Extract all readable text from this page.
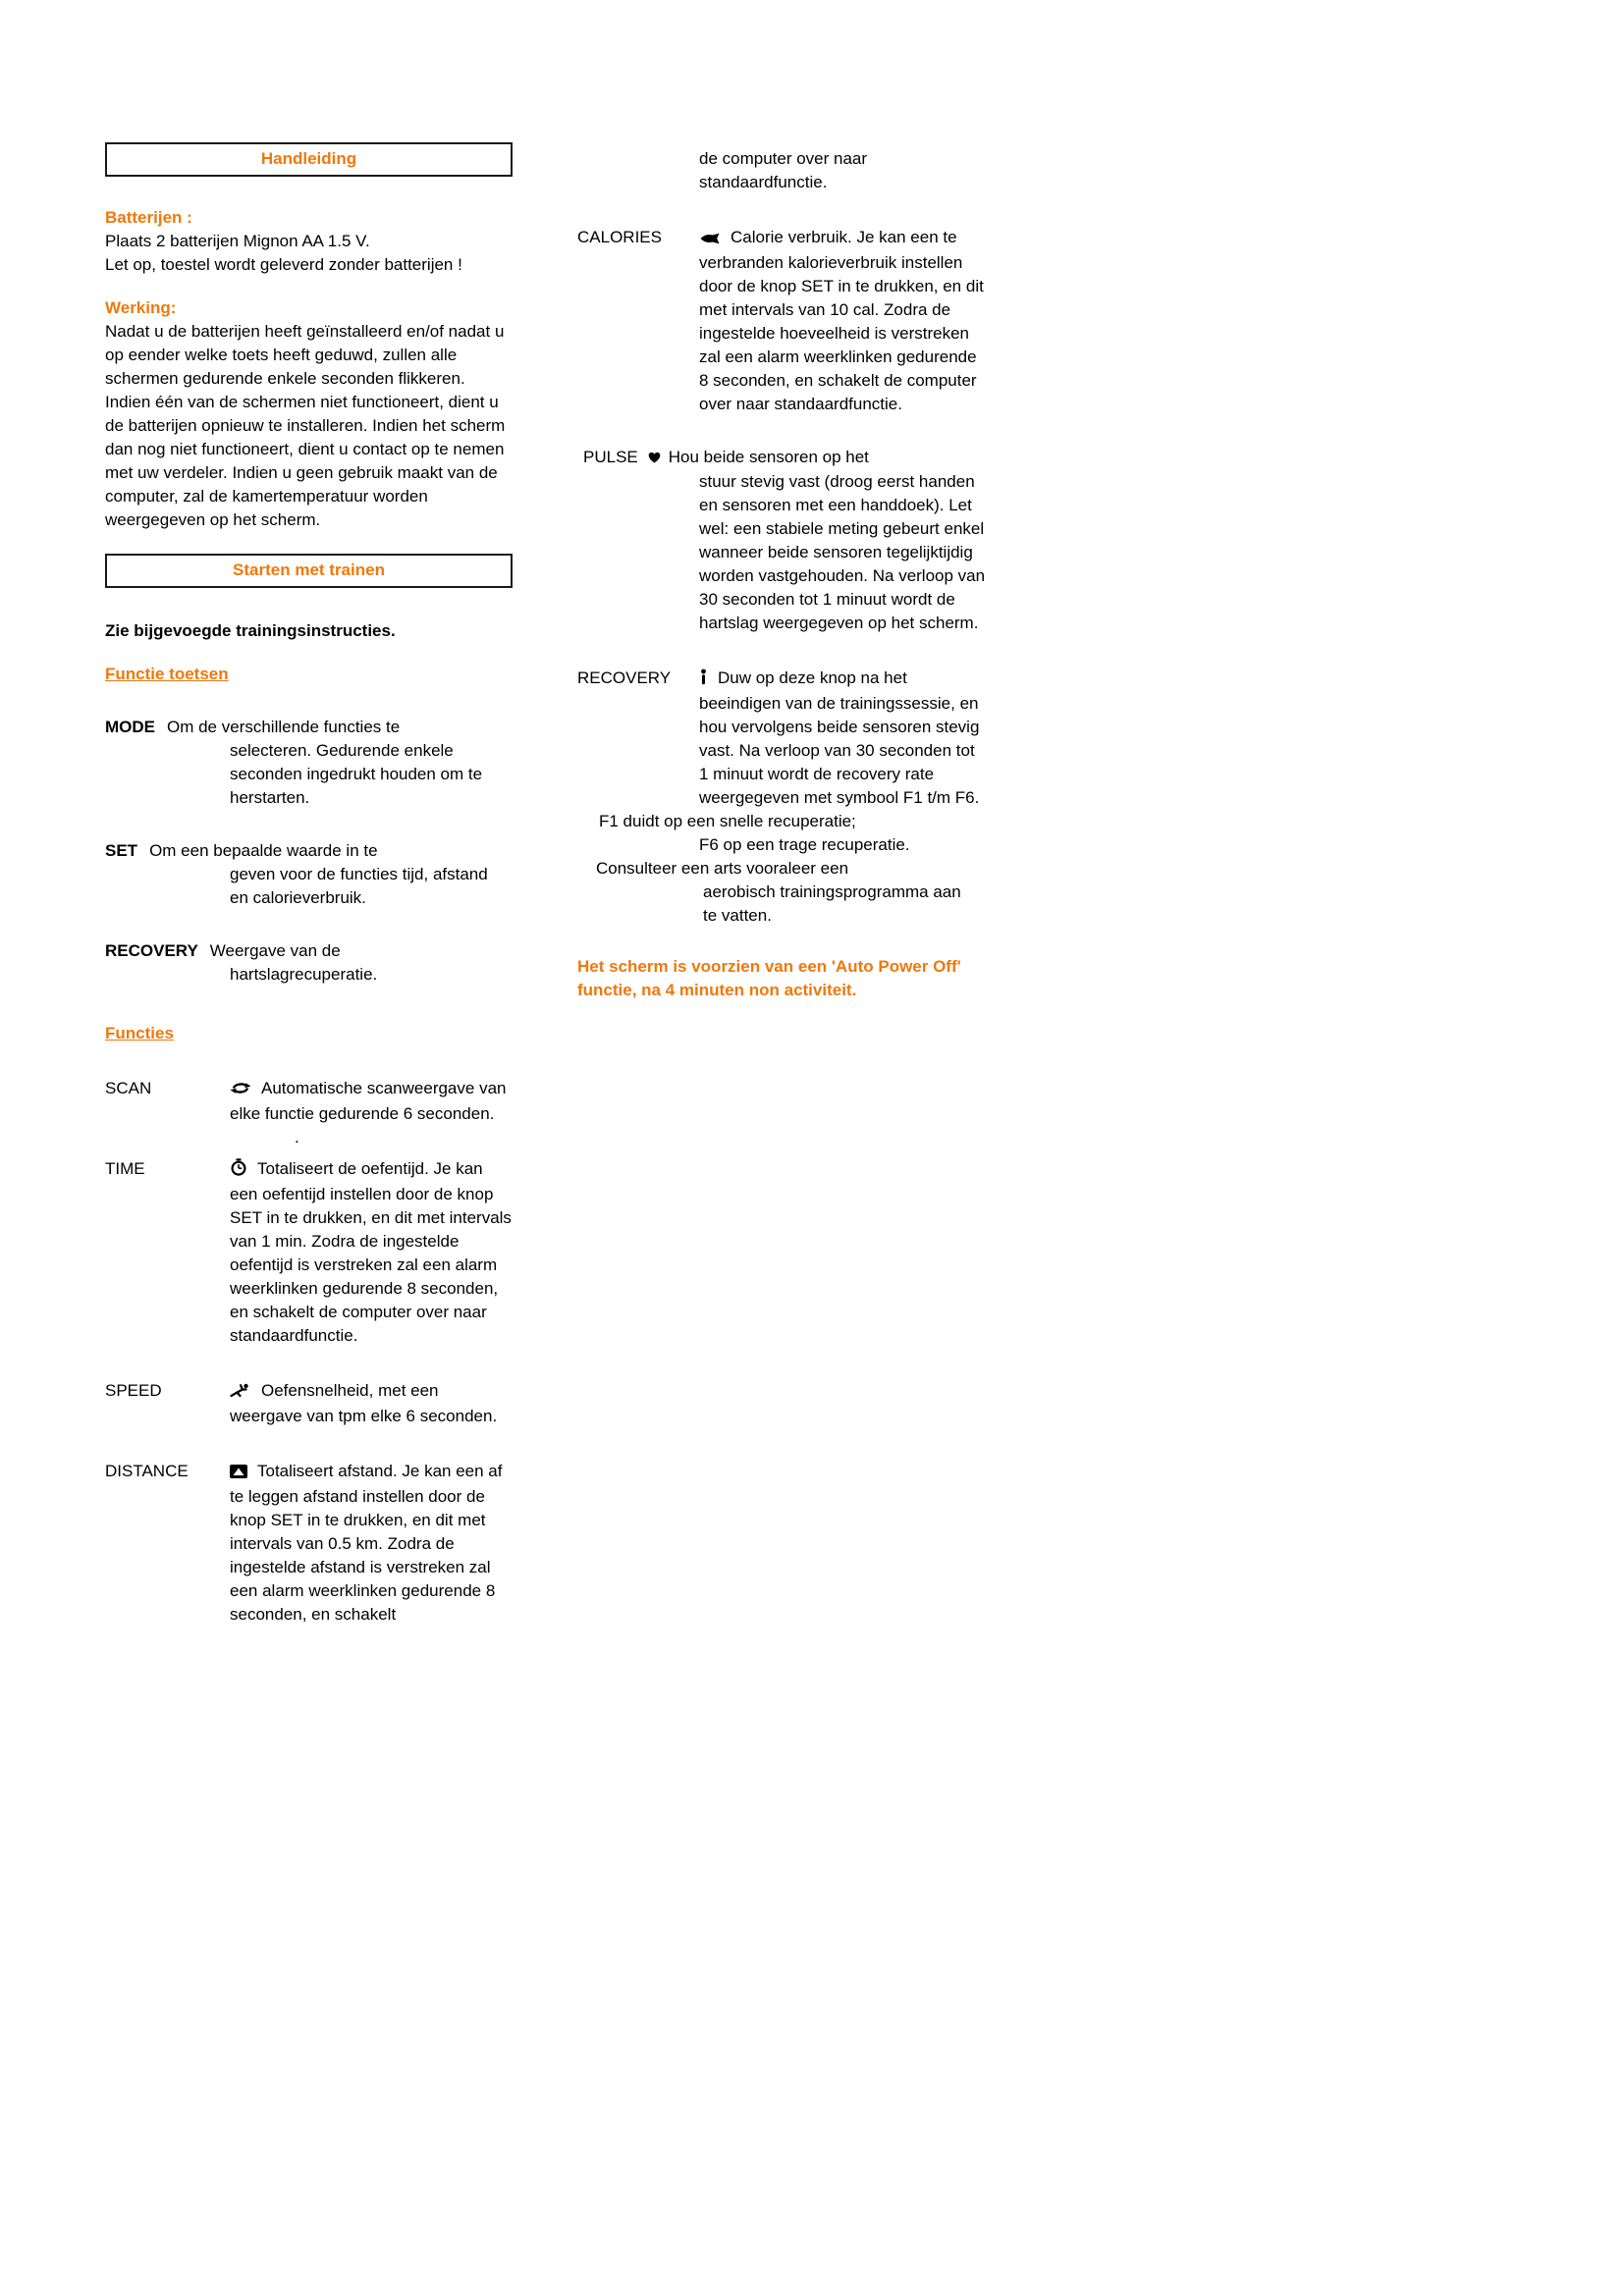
Handleiding
Batterijen :
Plaats 2 batterijen Mignon AA 1.5 V.
Let op, toestel wordt geleverd zonder batterijen !
Werking:

Nadat u de batterijen heeft geïnstalleerd en/of nadat u op eender welke toets heeft geduwd, zullen alle schermen gedurende enkele seconden flikkeren. Indien één van de schermen niet functioneert, dient u de batterijen opnieuw te installeren. Indien het scherm dan nog niet functioneert, dient u contact op te nemen met uw verdeler. Indien u geen gebruik maakt van de computer, zal de kamertemperatuur worden weergegeven op het scherm.

Starten met trainen
Zie bijgevoegde trainingsinstructies.
Functie toetsen
MODE Om de verschillende functies te
selecteren. Gedurende enkele seconden ingedrukt houden om te herstarten.
SET Om een bepaalde waarde in te
geven voor de functies tijd, afstand en calorieverbruik.
RECOVERY Weergave van de
hartslagrecuperatie.
Functies
SCAN	Automatische scanweergave van elke functie gedurende 6 seconden.
.
TIME	Totaliseert de oefentijd. Je kan een oefentijd instellen door de knop SET in te drukken, en dit met intervals van 1 min. Zodra de ingestelde oefentijd is verstreken zal een alarm weerklinken gedurende 8 seconden, en schakelt de computer over naar standaardfunctie.
SPEED	Oefensnelheid, met een weergave van tpm elke 6 seconden.
DISTANCE	Totaliseert afstand. Je kan een af te leggen afstand instellen door de knop SET in te drukken, en dit met intervals van 0.5 km. Zodra de ingestelde afstand is verstreken zal een alarm weerklinken gedurende 8 seconden, en schakelt

de computer over naar standaardfunctie.

CALORIES	Calorie verbruik. Je kan een te verbranden kalorieverbruik instellen door de knop SET in te drukken, en dit met intervals van 10 cal. Zodra de ingestelde hoeveelheid is verstreken zal een alarm weerklinken gedurende 8 seconden, en schakelt de computer over naar standaardfunctie.
PULSE Hou beide sensoren op het

stuur stevig vast (droog eerst handen en sensoren met een handdoek). Let wel: een stabiele meting gebeurt enkel wanneer beide sensoren tegelijktijdig worden vastgehouden. Na verloop van 30 seconden tot 1 minuut wordt de hartslag weergegeven op het scherm.

RECOVERY	Duw op deze knop na het beeindigen van de trainingssessie, en hou vervolgens beide sensoren stevig vast. Na verloop van 30 seconden tot 1 minuut wordt de recovery rate weergegeven met symbool F1 t/m F6.
F1 duidt op een snelle recuperatie;
F6 op een trage recuperatie.
Consulteer een arts vooraleer een
aerobisch trainingsprogramma aan
te vatten.

Het scherm is voorzien van een 'Auto Power Off' functie, na 4 minuten non activiteit.
